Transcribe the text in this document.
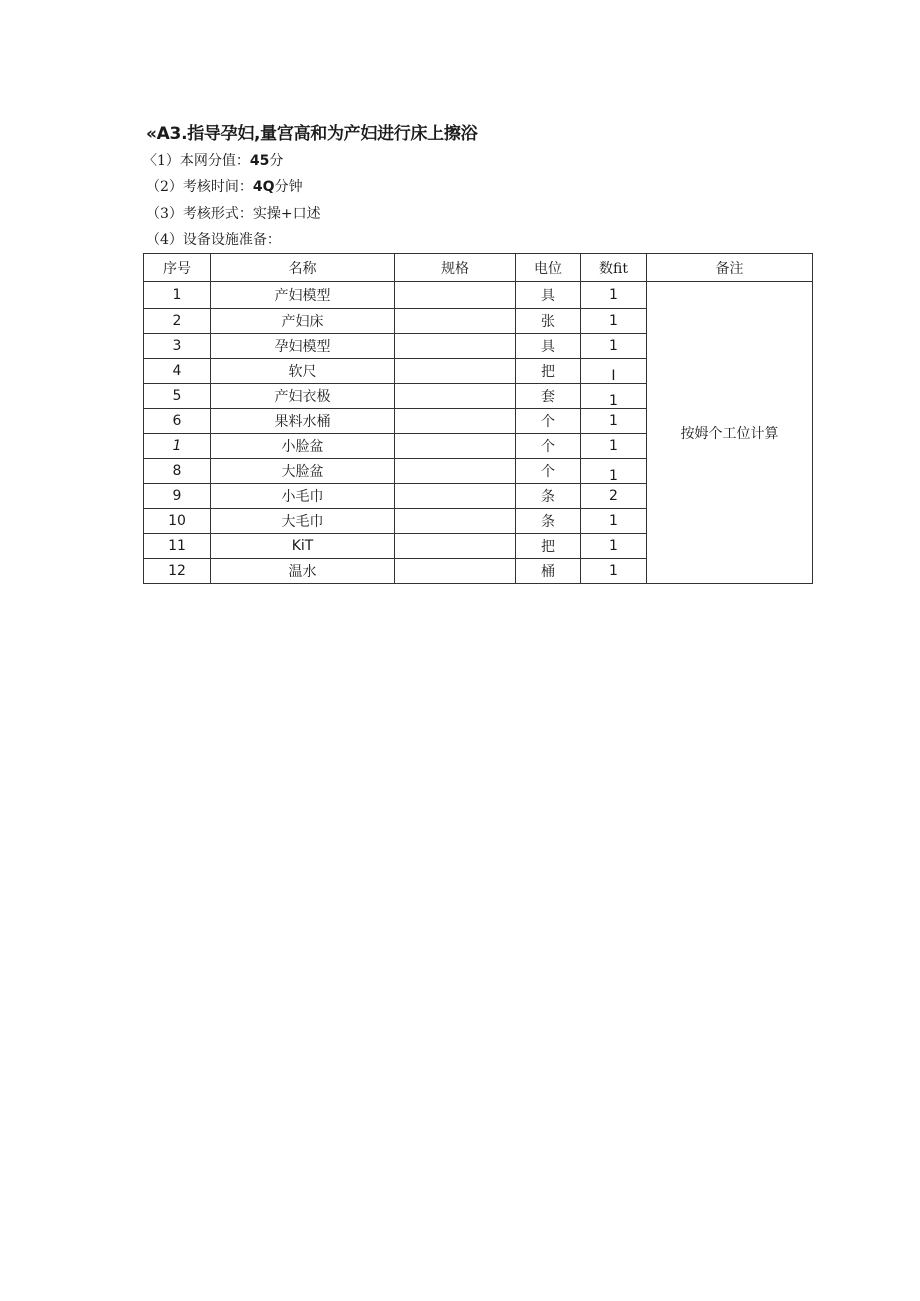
«A3.指导孕妇,量宫高和为产妇进行床上擦浴
〈1）本网分值：45分
（2）考核时间：4Q分钟
（3）考核形式：实操+口述
（4）设备设施准备：
序号	名称	规格	电位	数fit	备注
1	产妇模型		具	1	按姆个工位计算
2	产妇床		张	1	
3	孕妇模型		具	1	
4	软尺		把	I	
5	产妇衣极		套	1	
6	果料水桶		个	1	
1	小脸盆		个	1	
8	大脸盆		个	1	
9	小毛巾		条	2	
10	大毛巾		条	1	
11	KiT		把	1	
12	温水		桶	1	
